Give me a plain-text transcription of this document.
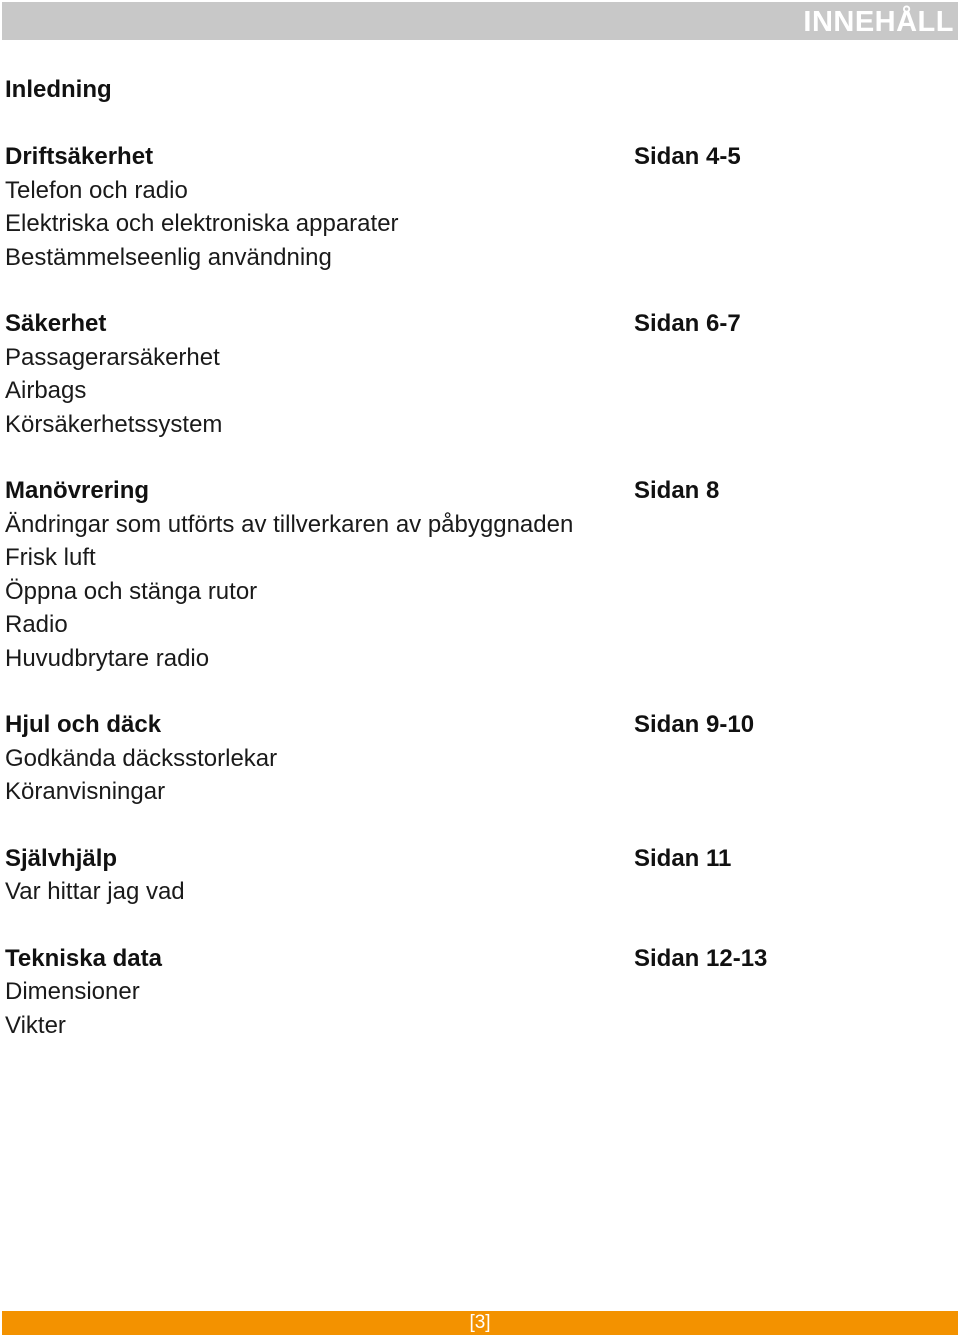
INNEHÅLL
Inledning
Driftsäkerhet	Sidan 4-5
Telefon och radio
Elektriska och elektroniska apparater
Bestämmelseenlig användning
Säkerhet	Sidan 6-7
Passagerarsäkerhet
Airbags
Körsäkerhetssystem
Manövrering	Sidan 8
Ändringar som utförts av tillverkaren av påbyggnaden
Frisk luft
Öppna och stänga rutor
Radio
Huvudbrytare radio
Hjul och däck	Sidan 9-10
Godkända däcksstorlekar
Köranvisningar
Självhjälp	Sidan 11
Var hittar jag vad
Tekniska data	Sidan 12-13
Dimensioner
Vikter
[3]
